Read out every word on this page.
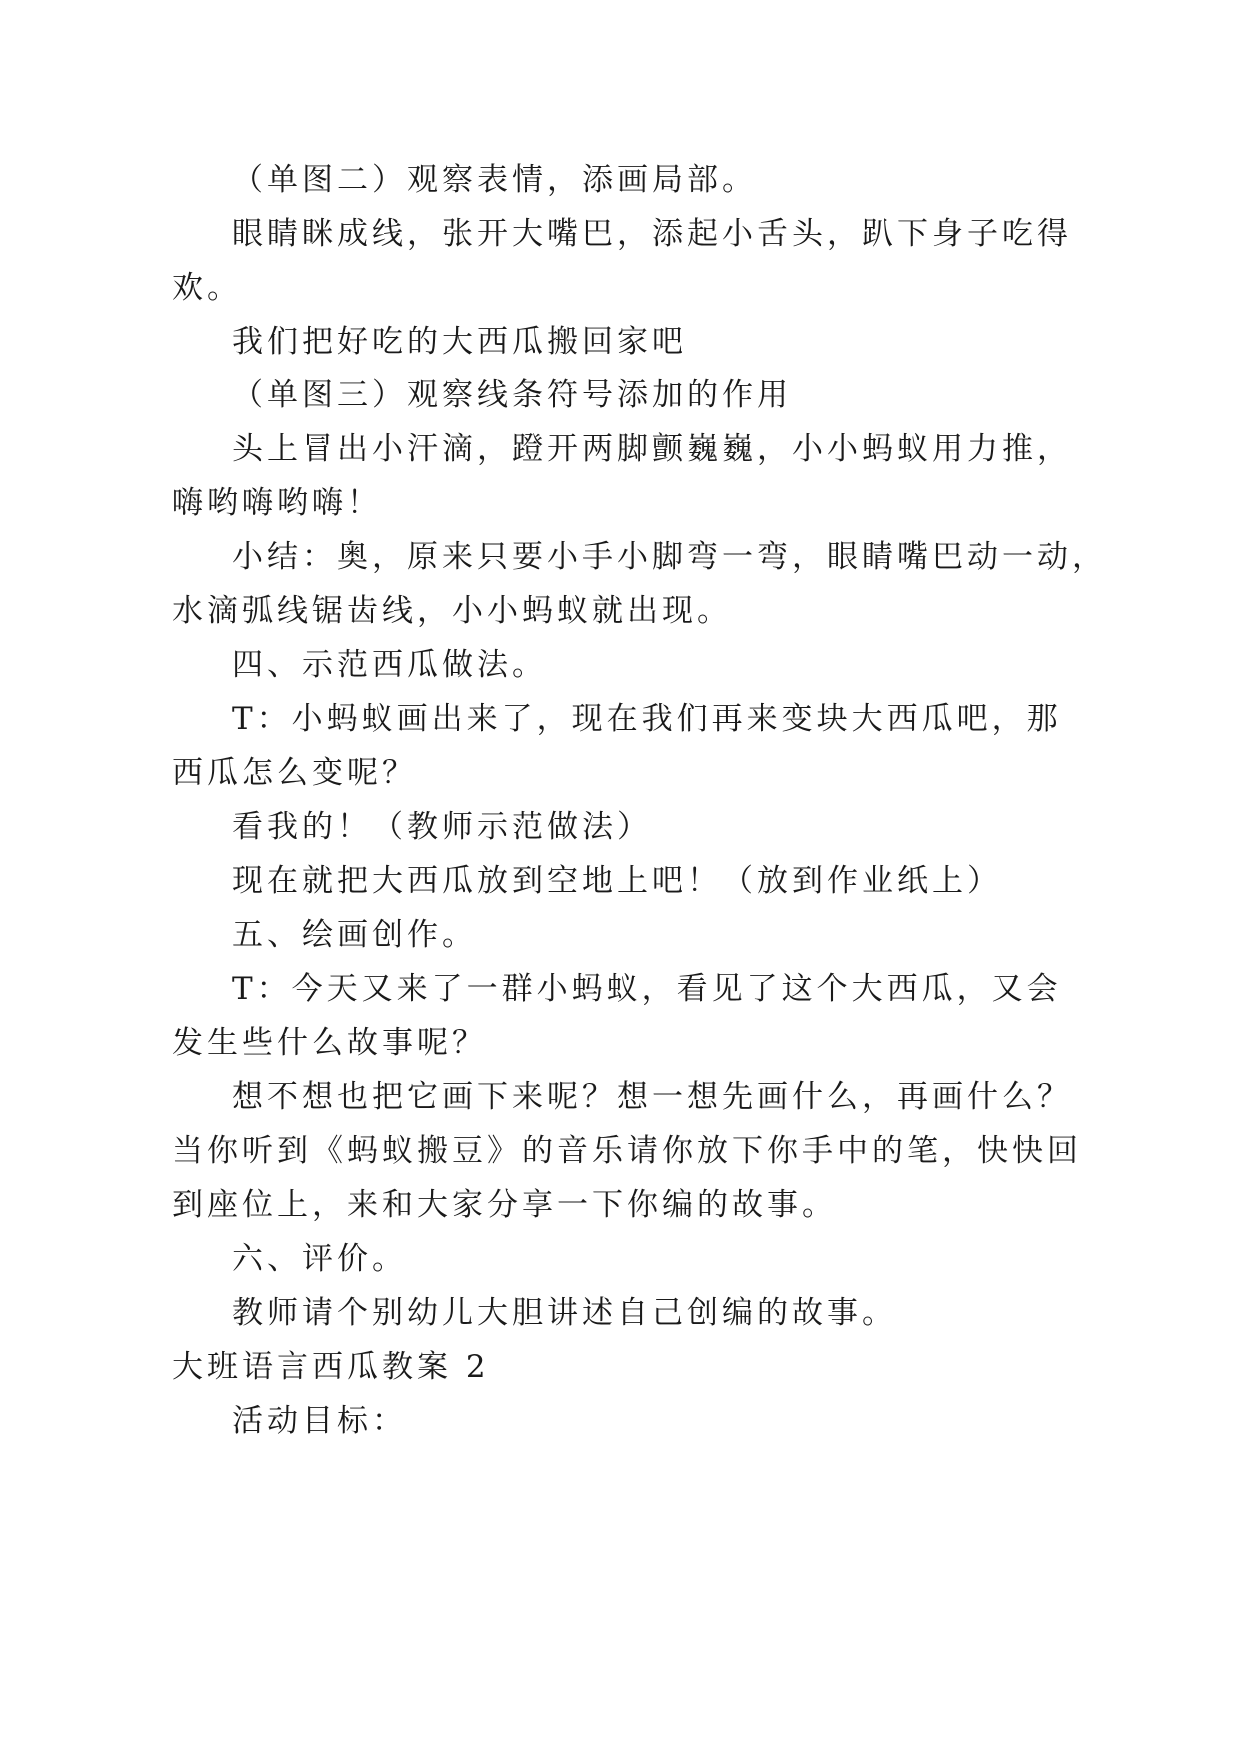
（单图二）观察表情，添画局部。
眼睛眯成线，张开大嘴巴，添起小舌头，趴下身子吃得
欢。
我们把好吃的大西瓜搬回家吧
（单图三）观察线条符号添加的作用
头上冒出小汗滴，蹬开两脚颤巍巍，小小蚂蚁用力推，
嗨哟嗨哟嗨！
小结：奥，原来只要小手小脚弯一弯，眼睛嘴巴动一动，
水滴弧线锯齿线，小小蚂蚁就出现。
四、示范西瓜做法。
T：小蚂蚁画出来了，现在我们再来变块大西瓜吧，那
西瓜怎么变呢？
看我的！（教师示范做法）
现在就把大西瓜放到空地上吧！（放到作业纸上）
五、绘画创作。
T：今天又来了一群小蚂蚁，看见了这个大西瓜，又会
发生些什么故事呢？
想不想也把它画下来呢？想一想先画什么，再画什么？
当你听到《蚂蚁搬豆》的音乐请你放下你手中的笔，快快回
到座位上，来和大家分享一下你编的故事。
六、评价。
教师请个别幼儿大胆讲述自己创编的故事。
大班语言西瓜教案 2
活动目标：
